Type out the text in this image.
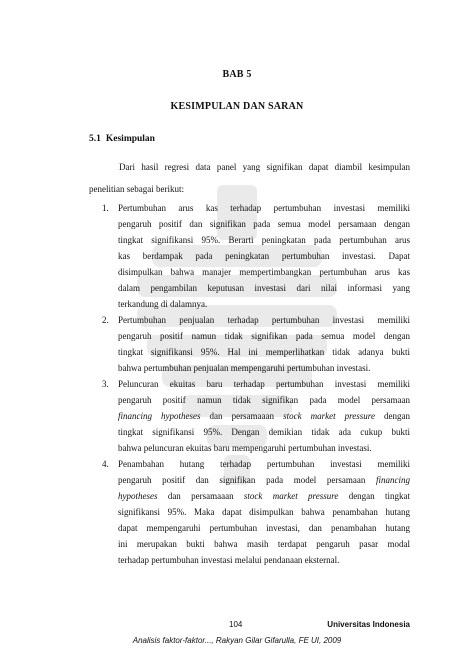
BAB 5
KESIMPULAN DAN SARAN
5.1 Kesimpulan
Dari hasil regresi data panel yang signifikan dapat diambil kesimpulan
penelitian sebagai berikut:
1. Pertumbuhan arus kas terhadap pertumbuhan investasi memiliki
pengaruh positif dan signifikan pada semua model persamaan dengan
tingkat signifikansi 95%. Berarti peningkatan pada pertumbuhan arus
kas berdampak pada peningkatan pertumbuhan investasi. Dapat
disimpulkan bahwa manajer mempertimbangkan pertumbuhan arus kas
dalam pengambilan keputusan investasi dari nilai informasi yang
terkandung di dalamnya.
2. Pertumbuhan penjualan terhadap pertumbuhan investasi memiliki
pengaruh positif namun tidak signifikan pada semua model dengan
tingkat signifikansi 95%. Hal ini memperlihatkan tidak adanya bukti
bahwa pertumbuhan penjualan mempengaruhi pertumbuhan investasi.
3. Peluncuran ekuitas baru terhadap pertumbuhan investasi memiliki
pengaruh positif namun tidak signifikan pada model persamaan
financing hypotheses dan persamaaan stock market pressure dengan
tingkat signifikansi 95%. Dengan demikian tidak ada cukup bukti
bahwa peluncuran ekuitas baru mempengaruhi pertumbuhan investasi.
4. Penambahan hutang terhadap pertumbuhan investasi memiliki
pengaruh positif dan signifikan pada model persamaan financing
hypotheses dan persamaaan stock market pressure dengan tingkat
signifikansi 95%. Maka dapat disimpulkan bahwa penambahan hutang
dapat mempengaruhi pertumbuhan investasi, dan penambahan hutang
ini merupakan bukti bahwa masih terdapat pengaruh pasar modal
terhadap pertumbuhan investasi melalui pendanaan eksternal.
104	Universitas Indonesia
Analisis faktor-faktor..., Rakyan Gilar Gifarulla, FE UI, 2009
